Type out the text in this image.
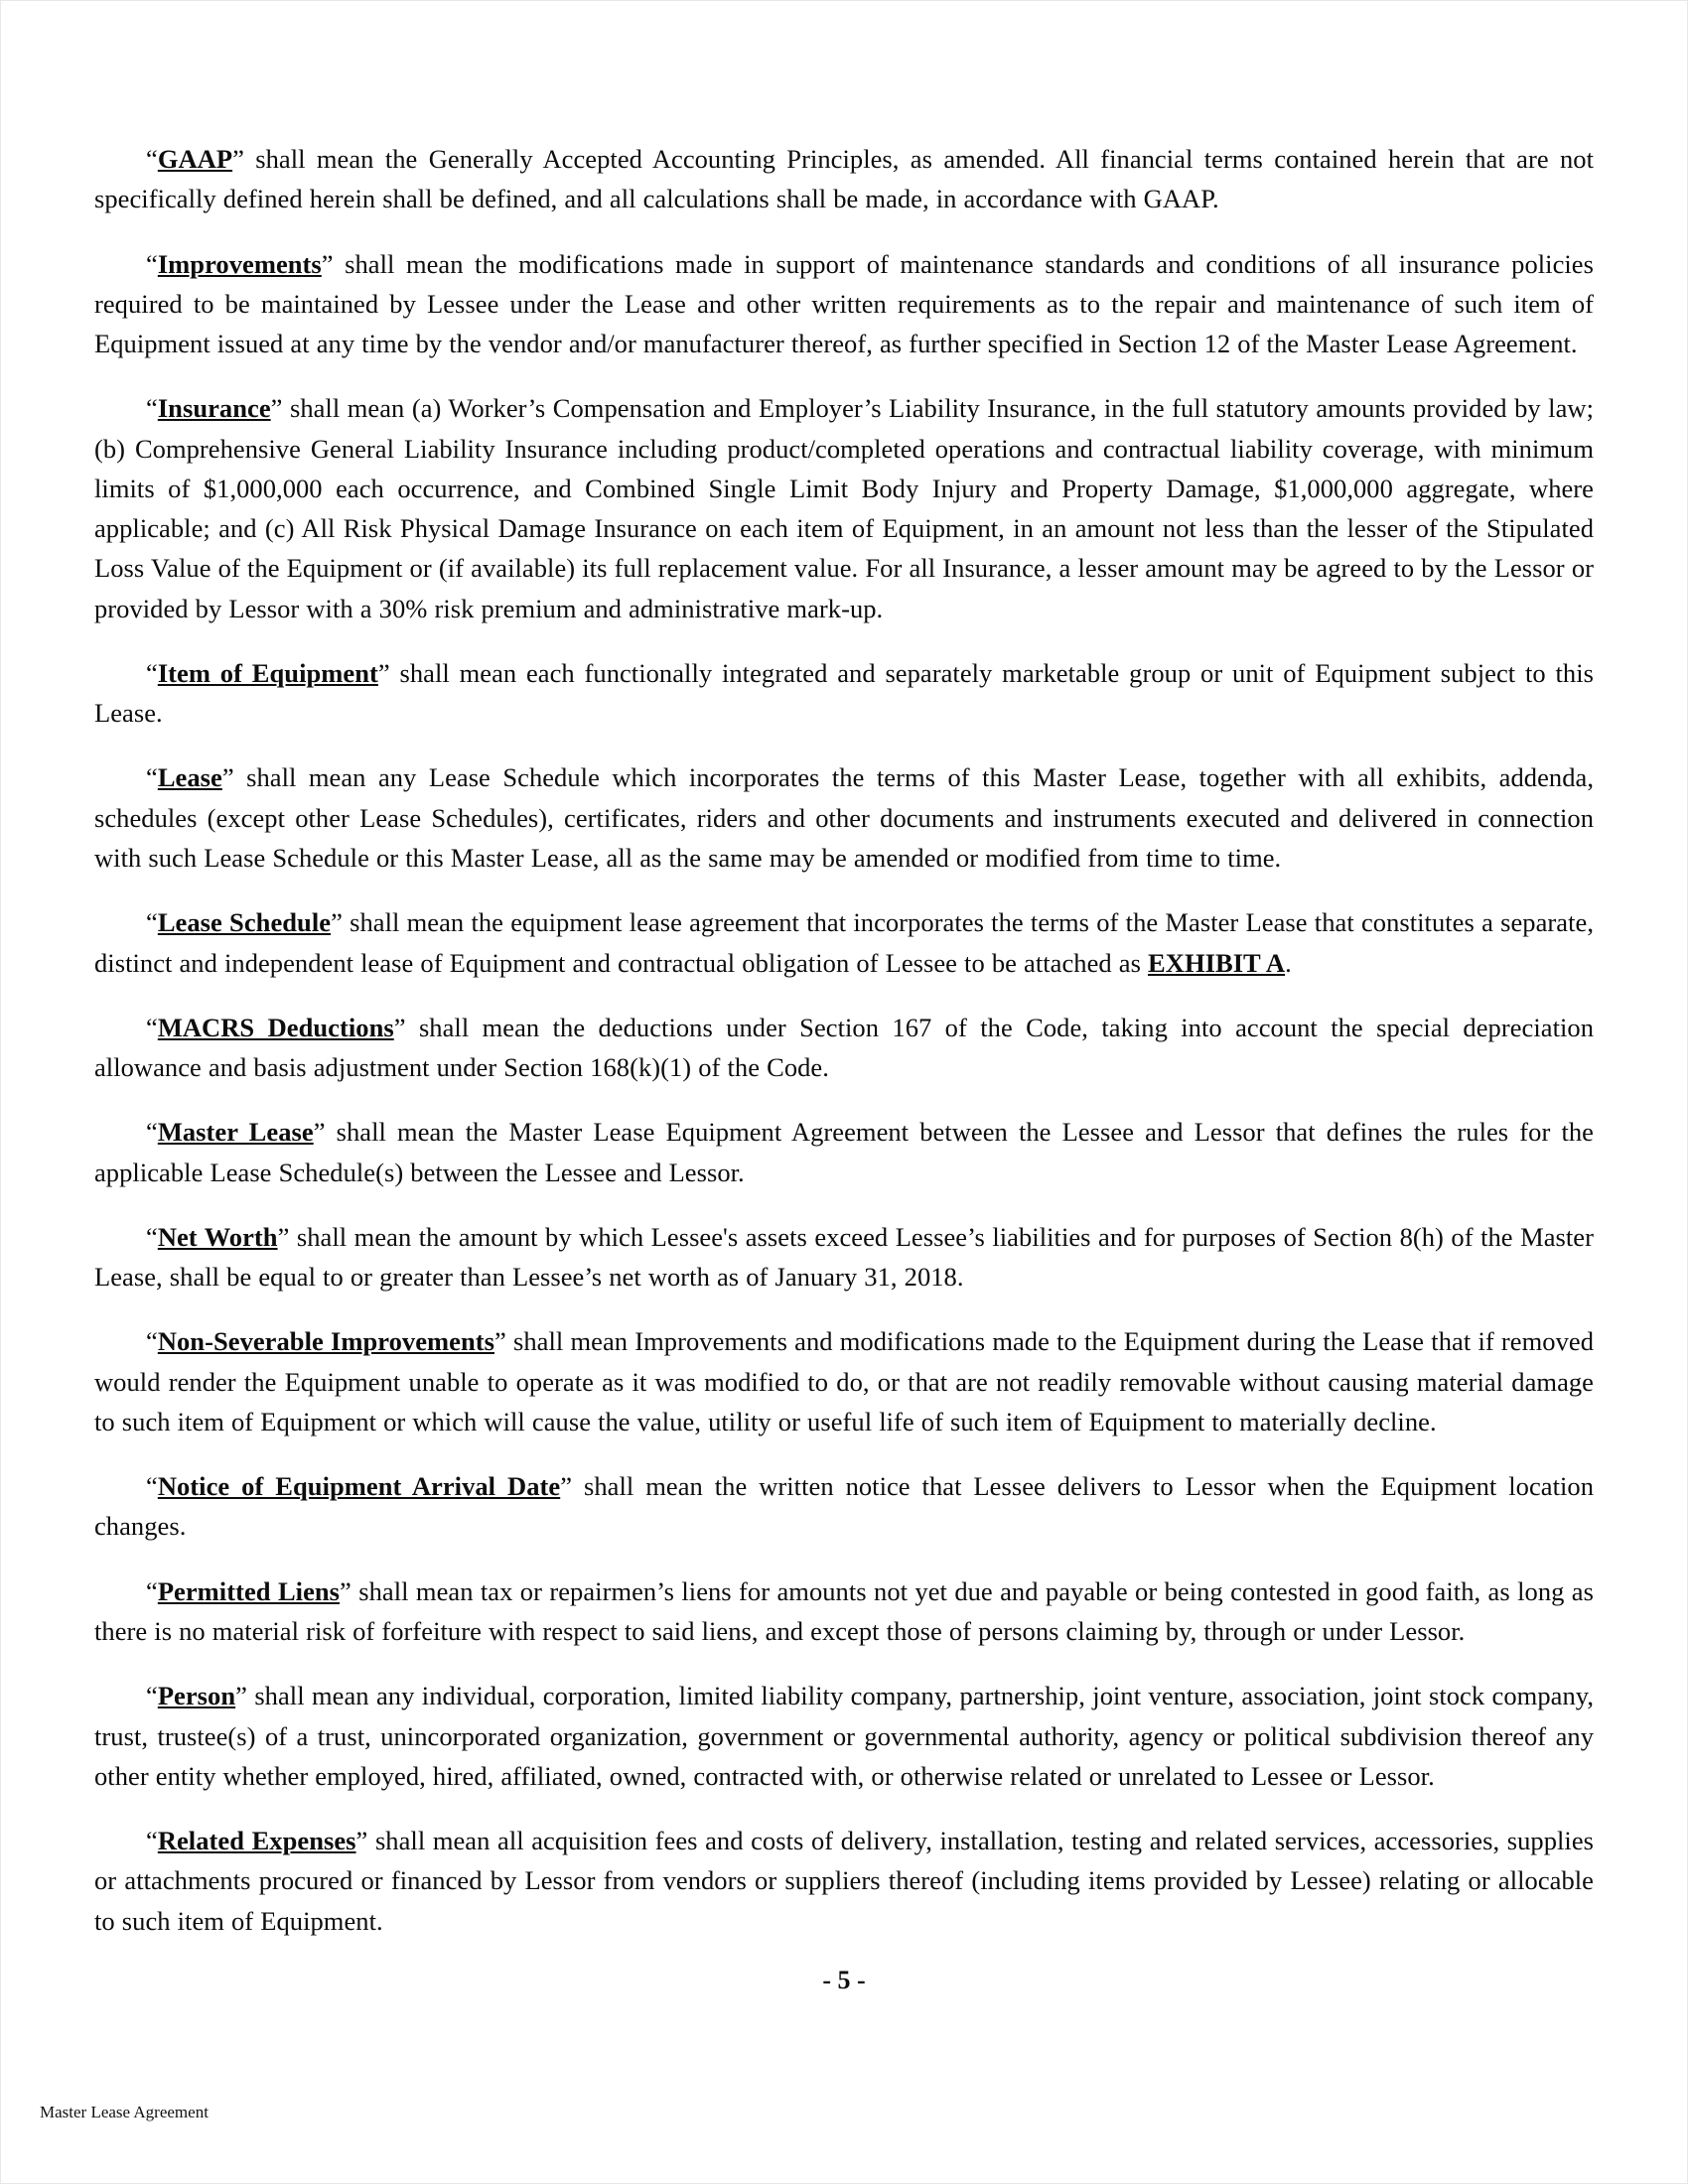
“GAAP” shall mean the Generally Accepted Accounting Principles, as amended. All financial terms contained herein that are not specifically defined herein shall be defined, and all calculations shall be made, in accordance with GAAP.

“Improvements” shall mean the modifications made in support of maintenance standards and conditions of all insurance policies required to be maintained by Lessee under the Lease and other written requirements as to the repair and maintenance of such item of Equipment issued at any time by the vendor and/or manufacturer thereof, as further specified in Section 12 of the Master Lease Agreement.

“Insurance” shall mean (a) Worker’s Compensation and Employer’s Liability Insurance, in the full statutory amounts provided by law; (b) Comprehensive General Liability Insurance including product/completed operations and contractual liability coverage, with minimum limits of $1,000,000 each occurrence, and Combined Single Limit Body Injury and Property Damage, $1,000,000 aggregate, where applicable; and (c) All Risk Physical Damage Insurance on each item of Equipment, in an amount not less than the lesser of the Stipulated Loss Value of the Equipment or (if available) its full replacement value. For all Insurance, a lesser amount may be agreed to by the Lessor or provided by Lessor with a 30% risk premium and administrative mark-up.

“Item of Equipment” shall mean each functionally integrated and separately marketable group or unit of Equipment subject to this Lease.

“Lease” shall mean any Lease Schedule which incorporates the terms of this Master Lease, together with all exhibits, addenda, schedules (except other Lease Schedules), certificates, riders and other documents and instruments executed and delivered in connection with such Lease Schedule or this Master Lease, all as the same may be amended or modified from time to time.

“Lease Schedule” shall mean the equipment lease agreement that incorporates the terms of the Master Lease that constitutes a separate, distinct and independent lease of Equipment and contractual obligation of Lessee to be attached as EXHIBIT A.

“MACRS Deductions” shall mean the deductions under Section 167 of the Code, taking into account the special depreciation allowance and basis adjustment under Section 168(k)(1) of the Code.

“Master Lease” shall mean the Master Lease Equipment Agreement between the Lessee and Lessor that defines the rules for the applicable Lease Schedule(s) between the Lessee and Lessor.

“Net Worth” shall mean the amount by which Lessee's assets exceed Lessee’s liabilities and for purposes of Section 8(h) of the Master Lease, shall be equal to or greater than Lessee’s net worth as of January 31, 2018.

“Non-Severable Improvements” shall mean Improvements and modifications made to the Equipment during the Lease that if removed would render the Equipment unable to operate as it was modified to do, or that are not readily removable without causing material damage to such item of Equipment or which will cause the value, utility or useful life of such item of Equipment to materially decline.

“Notice of Equipment Arrival Date” shall mean the written notice that Lessee delivers to Lessor when the Equipment location changes.

“Permitted Liens” shall mean tax or repairmen’s liens for amounts not yet due and payable or being contested in good faith, as long as there is no material risk of forfeiture with respect to said liens, and except those of persons claiming by, through or under Lessor.

“Person” shall mean any individual, corporation, limited liability company, partnership, joint venture, association, joint stock company, trust, trustee(s) of a trust, unincorporated organization, government or governmental authority, agency or political subdivision thereof any other entity whether employed, hired, affiliated, owned, contracted with, or otherwise related or unrelated to Lessee or Lessor.

“Related Expenses” shall mean all acquisition fees and costs of delivery, installation, testing and related services, accessories, supplies or attachments procured or financed by Lessor from vendors or suppliers thereof (including items provided by Lessee) relating or allocable to such item of Equipment.

- 5 -
Master Lease Agreement
